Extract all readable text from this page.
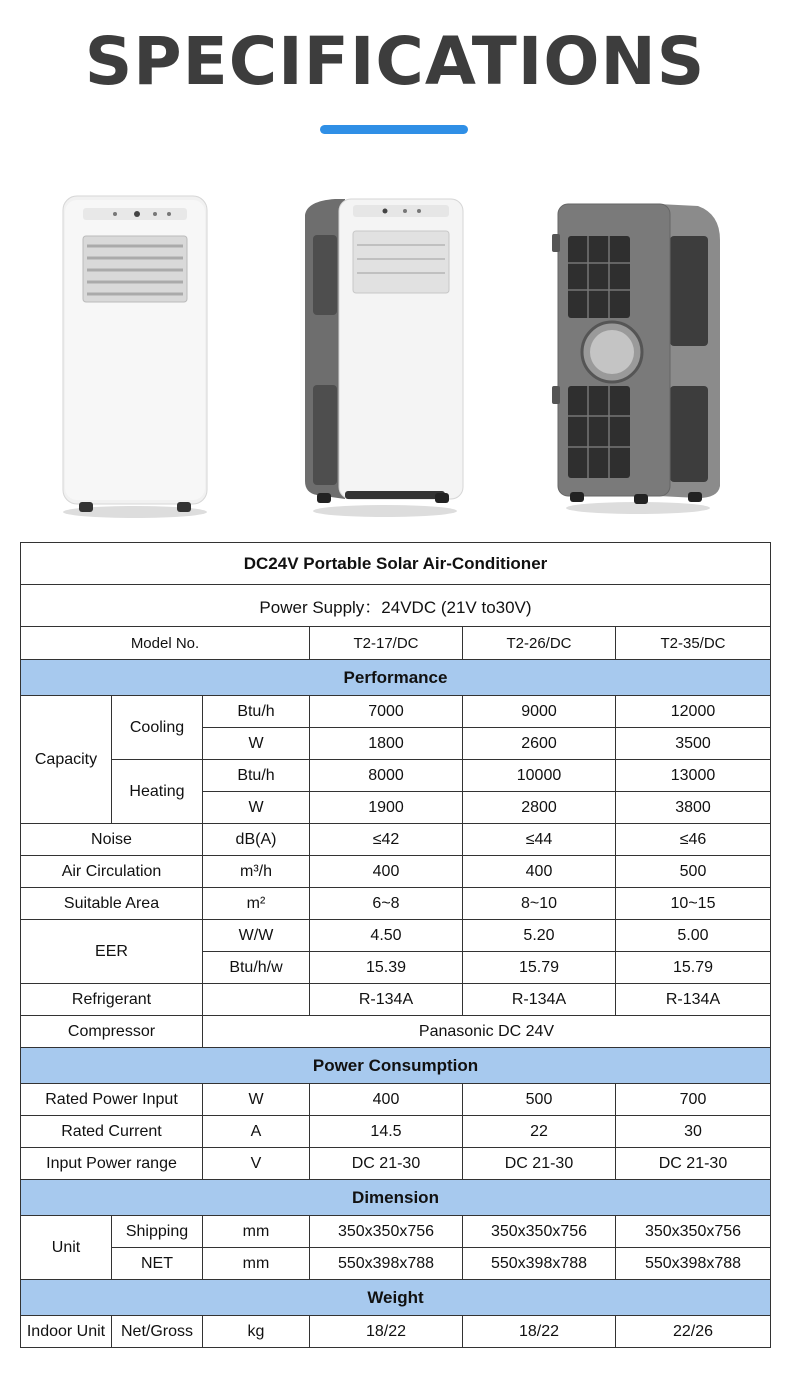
SPECIFICATIONS
DC24V Portable Solar Air-Conditioner					
Power Supply：24VDC (21V to30V)					
Model No.			T2-17/DC	T2-26/DC	T2-35/DC
Performance					
Capacity	Cooling	Btu/h	7000	9000	12000
		W	1800	2600	3500
	Heating	Btu/h	8000	10000	13000
		W	1900	2800	3800
Noise		dB(A)	≤42	≤44	≤46
Air Circulation		m³/h	400	400	500
Suitable Area		m²	6~8	8~10	10~15
EER		W/W	4.50	5.20	5.00
		Btu/h/w	15.39	15.79	15.79
Refrigerant			R-134A	R-134A	R-134A
Compressor		Panasonic DC 24V			
Power Consumption					
Rated Power Input		W	400	500	700
Rated Current		A	14.5	22	30
Input Power range		V	DC 21-30	DC 21-30	DC 21-30
Dimension					
Unit	Shipping	mm	350x350x756	350x350x756	350x350x756
	NET	mm	550x398x788	550x398x788	550x398x788
Weight					
Indoor Unit	Net/Gross	kg	18/22	18/22	22/26
